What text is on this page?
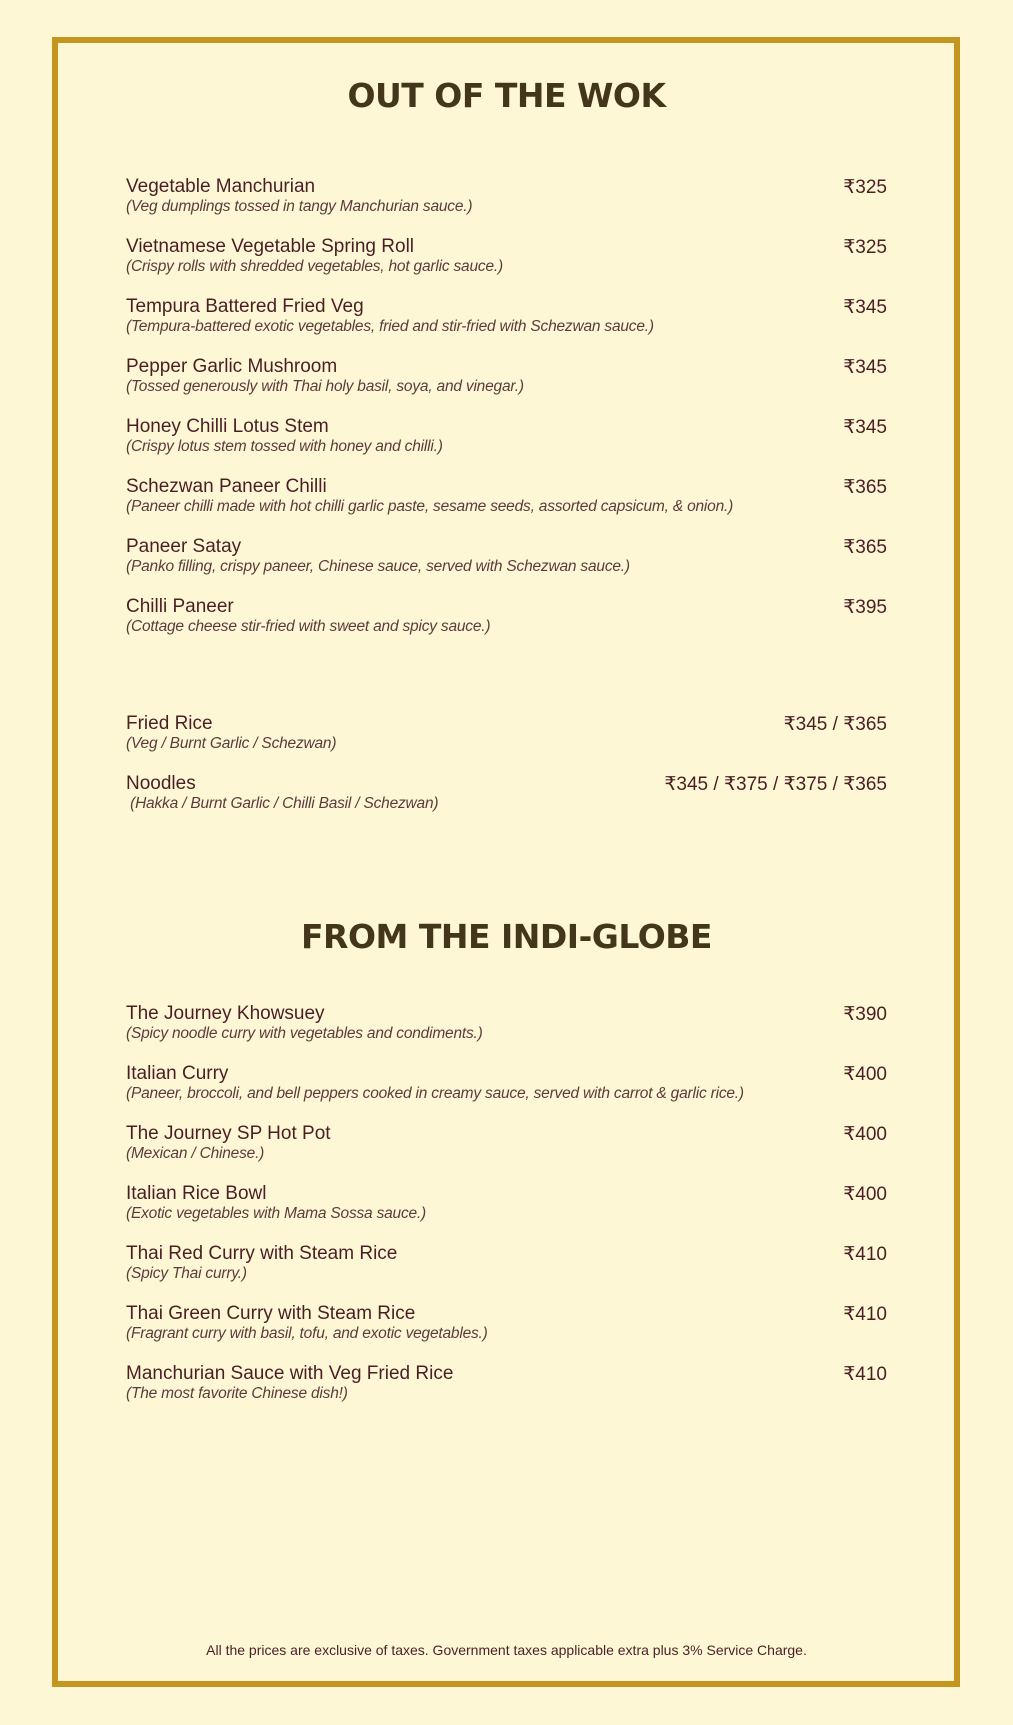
OUT OF THE WOK
Vegetable Manchurian
(Veg dumplings tossed in tangy Manchurian sauce.)
₹325
Vietnamese Vegetable Spring Roll
(Crispy rolls with shredded vegetables, hot garlic sauce.)
₹325
Tempura Battered Fried Veg
(Tempura-battered exotic vegetables, fried and stir-fried with Schezwan sauce.)
₹345
Pepper Garlic Mushroom
(Tossed generously with Thai holy basil, soya, and vinegar.)
₹345
Honey Chilli Lotus Stem
(Crispy lotus stem tossed with honey and chilli.)
₹345
Schezwan Paneer Chilli
(Paneer chilli made with hot chilli garlic paste, sesame seeds, assorted capsicum, & onion.)
₹365
Paneer Satay
(Panko filling, crispy paneer, Chinese sauce, served with Schezwan sauce.)
₹365
Chilli Paneer
(Cottage cheese stir-fried with sweet and spicy sauce.)
₹395
Fried Rice
(Veg / Burnt Garlic / Schezwan)
₹345 / ₹365
Noodles
(Hakka / Burnt Garlic / Chilli Basil / Schezwan)
₹345 / ₹375 / ₹375 / ₹365
FROM THE INDI-GLOBE
The Journey Khowsuey
(Spicy noodle curry with vegetables and condiments.)
₹390
Italian Curry
(Paneer, broccoli, and bell peppers cooked in creamy sauce, served with carrot & garlic rice.)
₹400
The Journey SP Hot Pot
(Mexican / Chinese.)
₹400
Italian Rice Bowl
(Exotic vegetables with Mama Sossa sauce.)
₹400
Thai Red Curry with Steam Rice
(Spicy Thai curry.)
₹410
Thai Green Curry with Steam Rice
(Fragrant curry with basil, tofu, and exotic vegetables.)
₹410
Manchurian Sauce with Veg Fried Rice
(The most favorite Chinese dish!)
₹410
All the prices are exclusive of taxes. Government taxes applicable extra plus 3% Service Charge.
